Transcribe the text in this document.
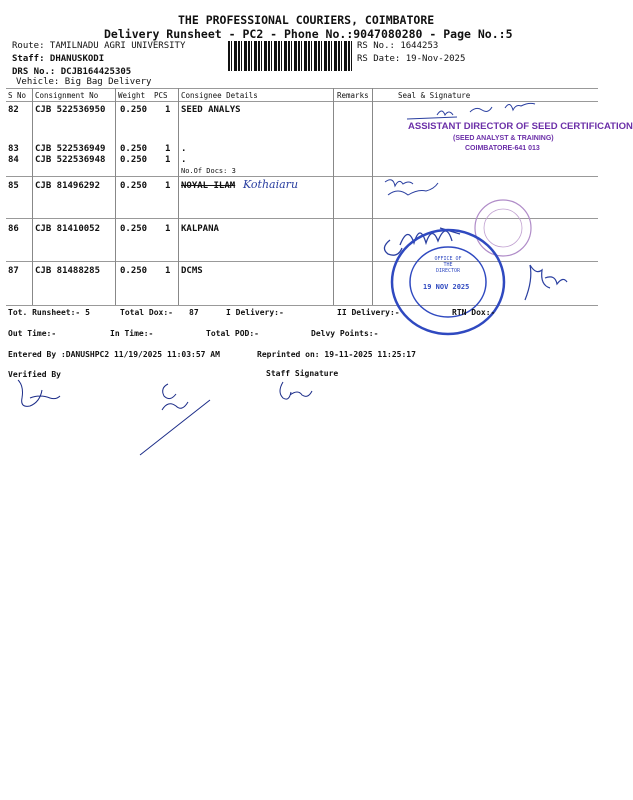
THE PROFESSIONAL COURIERS, COIMBATORE
Delivery Runsheet - PC2 - Phone No.:9047080280 - Page No.:5
Route: TAMILNADU AGRI UNIVERSITY
Staff: DHANUSKODI
DRS No.: DCJB164425305
Vehicle: Big Bag Delivery
RS No.: 1644253
RS Date: 19-Nov-2025
S No Consignment No	Weight PCS Consignee Details	Remarks	Seal & Signature
82 CJB 522536950 0.250 1 SEED ANALYS
83 CJB 522536949 0.250 1 .
84 CJB 522536948 0.250 1 .
No.Of Docs: 3
85 CJB 81496292 0.250 1 NOYAL ILAM Kothaiaru
86 CJB 81410052 0.250 1 KALPANA
87 CJB 81488285 0.250 1 DCMS
ASSISTANT DIRECTOR OF SEED CERTIFICATION
(SEED ANALYST & TRAINING)
COIMBATORE-641 013
OFFICE OF THE DIRECTOR
19 NOV 2025
Tot. Runsheet:- 5	Total Dox:- 87	I Delivery:-	II Delivery:-	RTN Dox:-
Out Time:-	In Time:-	Total POD:-	Delvy Points:-
Entered By :DANUSHPC2 11/19/2025 11:03:57 AM	Reprinted on: 19-11-2025 11:25:17
Verified By	Staff Signature
